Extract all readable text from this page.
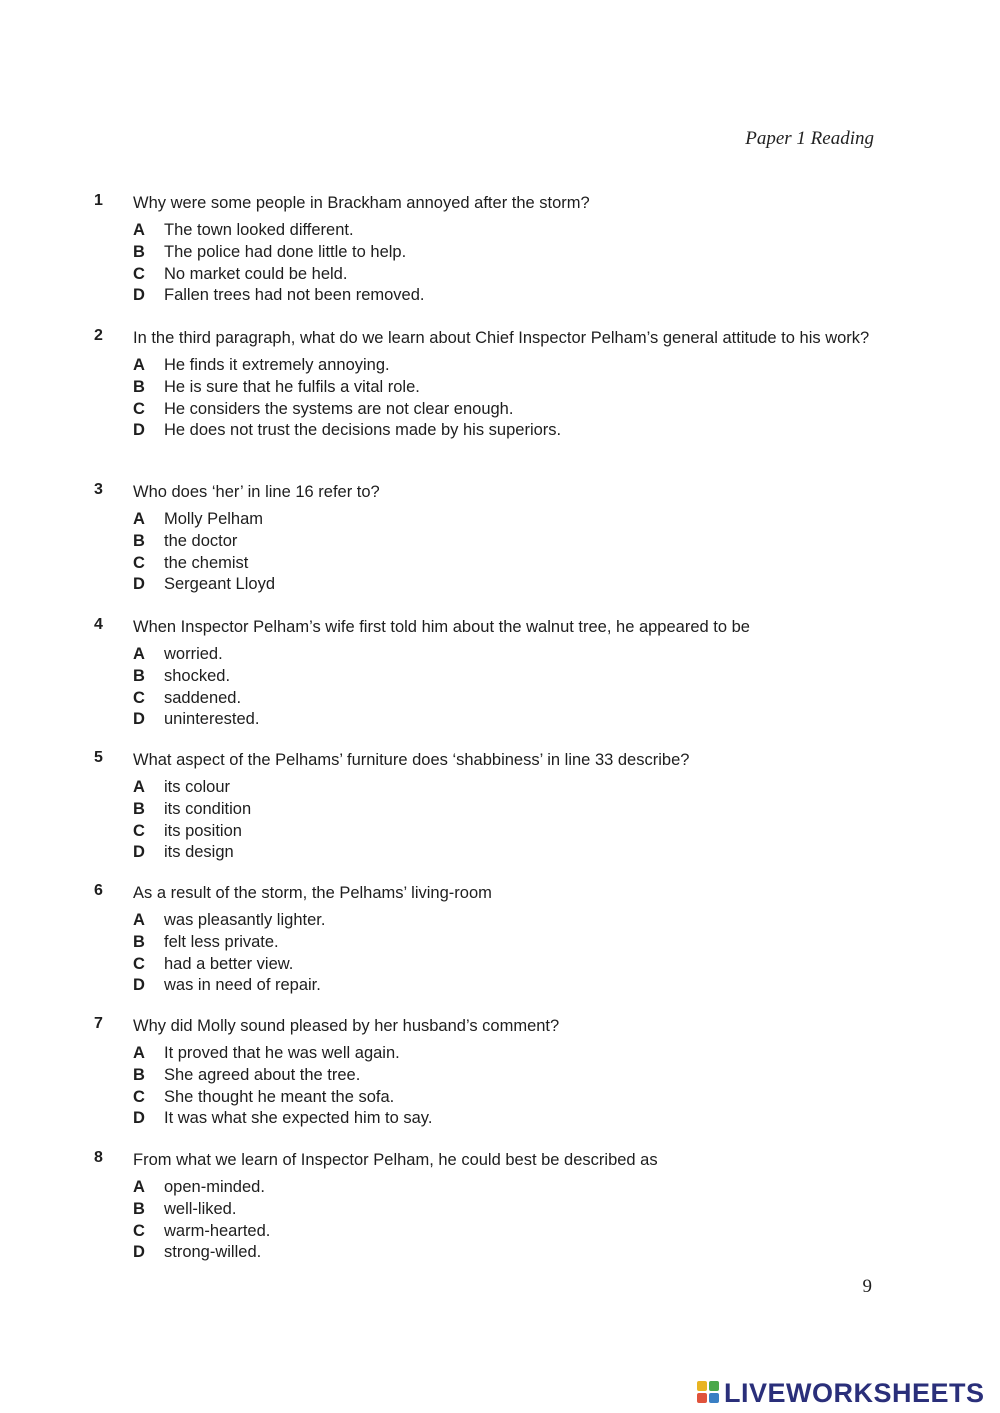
Paper 1 Reading
1 Why were some people in Brackham annoyed after the storm?
A The town looked different.
B The police had done little to help.
C No market could be held.
D Fallen trees had not been removed.
2 In the third paragraph, what do we learn about Chief Inspector Pelham’s general attitude to his work?
A He finds it extremely annoying.
B He is sure that he fulfils a vital role.
C He considers the systems are not clear enough.
D He does not trust the decisions made by his superiors.
3 Who does ‘her’ in line 16 refer to?
A Molly Pelham
B the doctor
C the chemist
D Sergeant Lloyd
4 When Inspector Pelham’s wife first told him about the walnut tree, he appeared to be
A worried.
B shocked.
C saddened.
D uninterested.
5 What aspect of the Pelhams’ furniture does ‘shabbiness’ in line 33 describe?
A its colour
B its condition
C its position
D its design
6 As a result of the storm, the Pelhams’ living-room
A was pleasantly lighter.
B felt less private.
C had a better view.
D was in need of repair.
7 Why did Molly sound pleased by her husband’s comment?
A It proved that he was well again.
B She agreed about the tree.
C She thought he meant the sofa.
D It was what she expected him to say.
8 From what we learn of Inspector Pelham, he could best be described as
A open-minded.
B well-liked.
C warm-hearted.
D strong-willed.
9
LIVEWORKSHEETS
